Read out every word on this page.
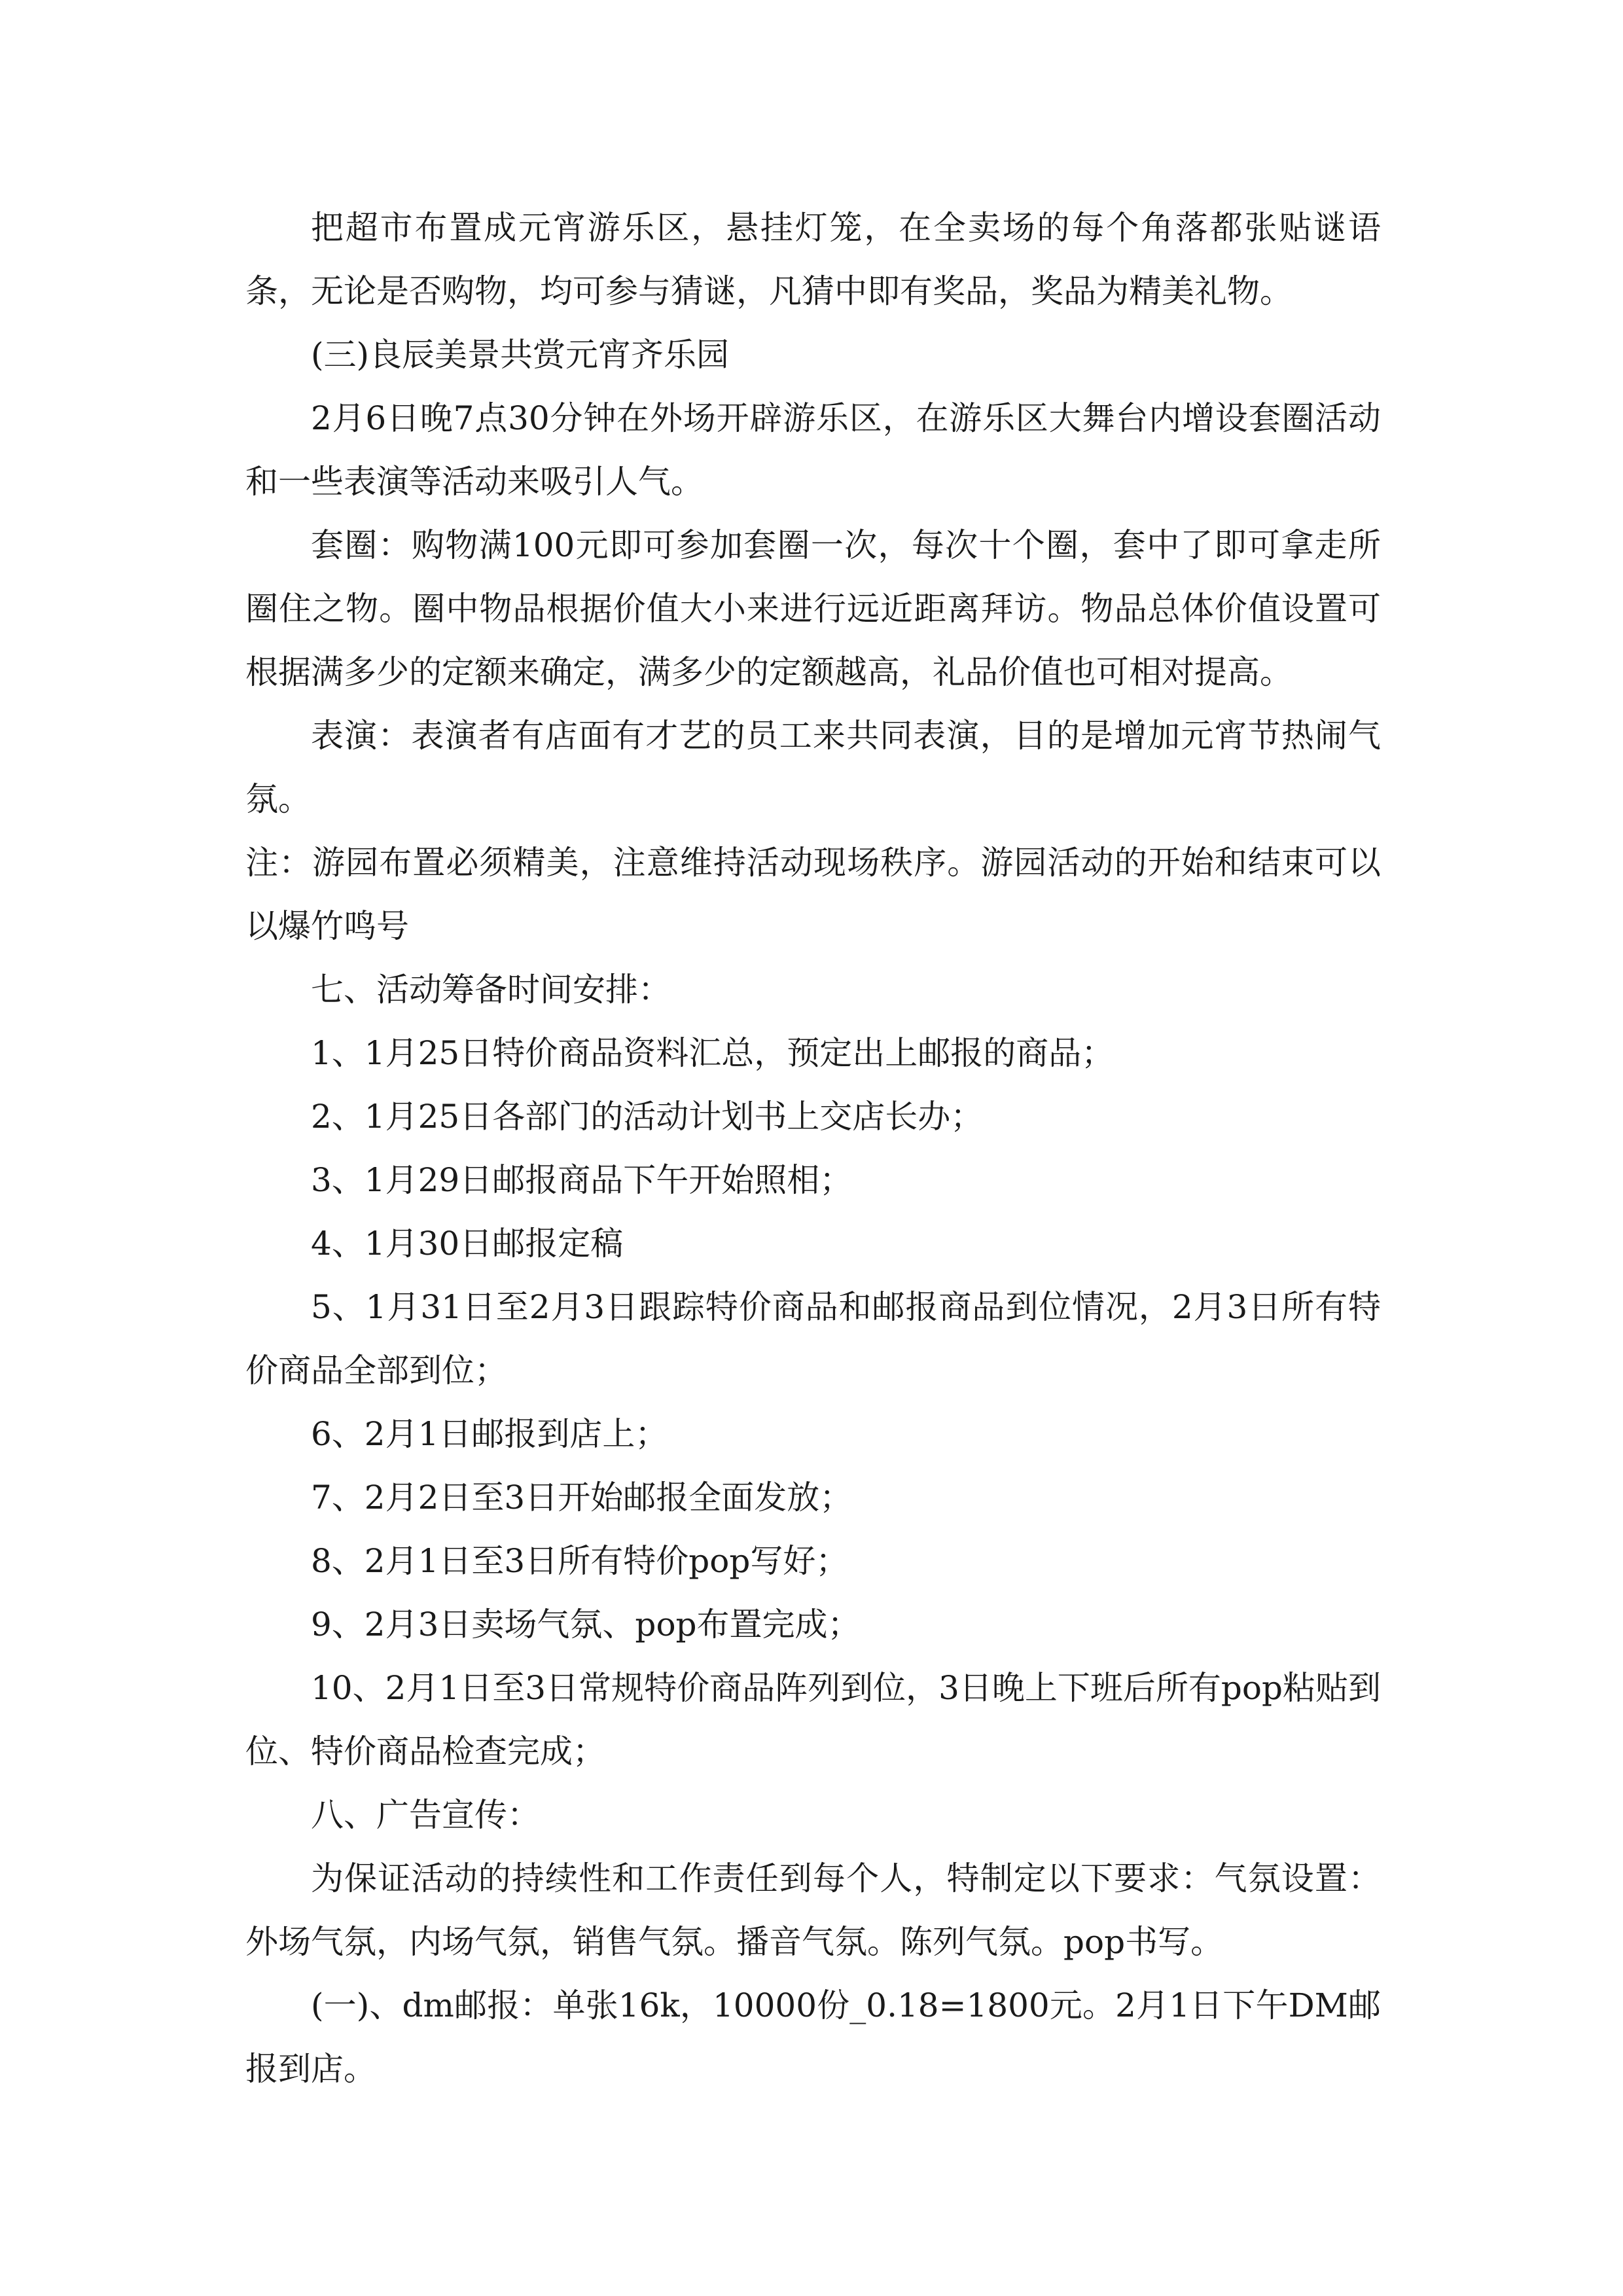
把超市布置成元宵游乐区，悬挂灯笼，在全卖场的每个角落都张贴谜语条，无论是否购物，均可参与猜谜，凡猜中即有奖品，奖品为精美礼物。

(三)良辰美景共赏元宵齐乐园

2月6日晚7点30分钟在外场开辟游乐区，在游乐区大舞台内增设套圈活动和一些表演等活动来吸引人气。

套圈：购物满100元即可参加套圈一次，每次十个圈，套中了即可拿走所圈住之物。圈中物品根据价值大小来进行远近距离拜访。物品总体价值设置可根据满多少的定额来确定，满多少的定额越高，礼品价值也可相对提高。

表演：表演者有店面有才艺的员工来共同表演，目的是增加元宵节热闹气氛。

注：游园布置必须精美，注意维持活动现场秩序。游园活动的开始和结束可以以爆竹鸣号

七、活动筹备时间安排：

1、1月25日特价商品资料汇总，预定出上邮报的商品；

2、1月25日各部门的活动计划书上交店长办；

3、1月29日邮报商品下午开始照相；

4、1月30日邮报定稿

5、1月31日至2月3日跟踪特价商品和邮报商品到位情况，2月3日所有特价商品全部到位；

6、2月1日邮报到店上；

7、2月2日至3日开始邮报全面发放；

8、2月1日至3日所有特价pop写好；

9、2月3日卖场气氛、pop布置完成；

10、2月1日至3日常规特价商品阵列到位，3日晚上下班后所有pop粘贴到位、特价商品检查完成；

八、广告宣传：

为保证活动的持续性和工作责任到每个人，特制定以下要求：气氛设置：外场气氛，内场气氛，销售气氛。播音气氛。陈列气氛。pop书写。

(一)、dm邮报：单张16k，10000份_0.18=1800元。2月1日下午DM邮报到店。
